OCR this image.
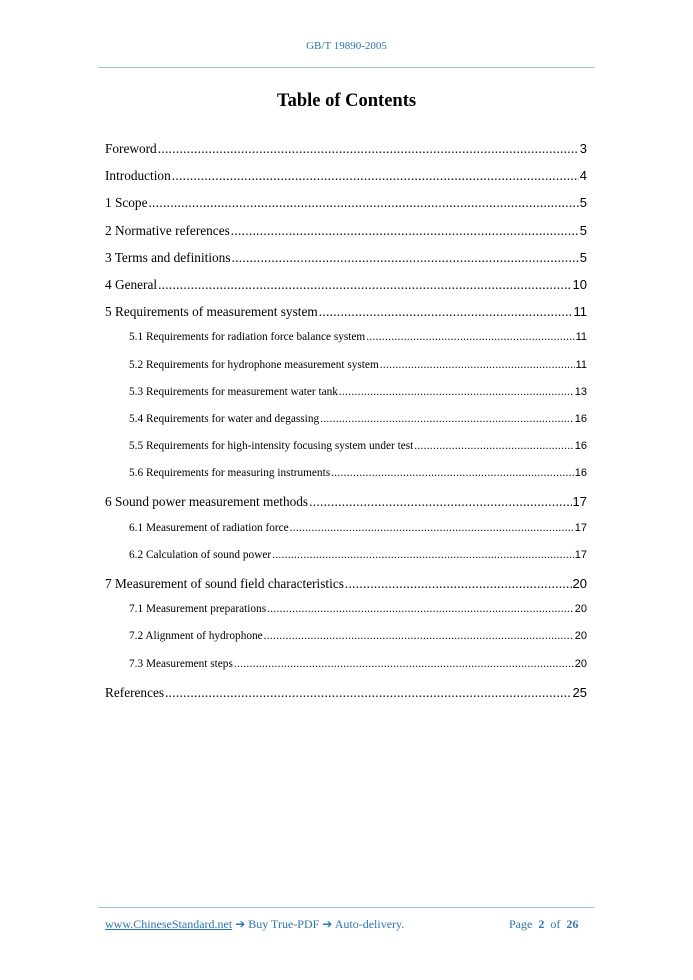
GB/T 19890-2005
Table of Contents
Foreword .....	3
Introduction .....	4
1 Scope .....	5
2 Normative references .....	5
3 Terms and definitions .....	5
4 General .....	10
5 Requirements of measurement system .....	11
5.1 Requirements for radiation force balance system .....	11
5.2 Requirements for hydrophone measurement system .....	11
5.3 Requirements for measurement water tank .....	13
5.4 Requirements for water and degassing .....	16
5.5 Requirements for high-intensity focusing system under test .....	16
5.6 Requirements for measuring instruments .....	16
6 Sound power measurement methods .....	17
6.1 Measurement of radiation force .....	17
6.2 Calculation of sound power .....	17
7 Measurement of sound field characteristics .....	20
7.1 Measurement preparations .....	20
7.2 Alignment of hydrophone .....	20
7.3 Measurement steps .....	20
References .....	25
www.ChineseStandard.net ➔ Buy True-PDF ➔ Auto-delivery.	Page 2 of 26
